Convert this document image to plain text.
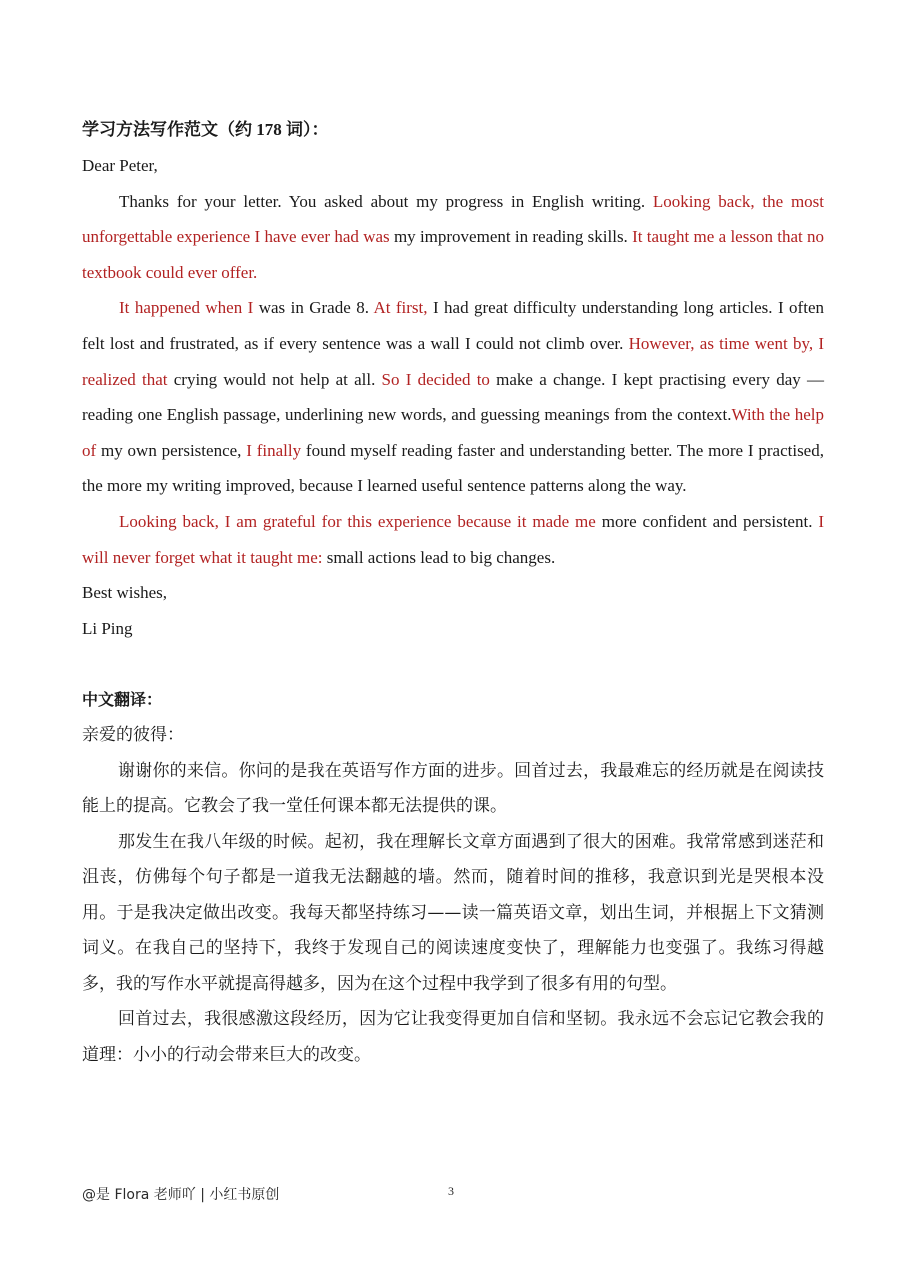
学习方法写作范文（约 178 词）：

Dear Peter,

Thanks for your letter. You asked about my progress in English writing. Looking back, the most unforgettable experience I have ever had was my improvement in reading skills. It taught me a lesson that no textbook could ever offer.

It happened when I was in Grade 8. At first, I had great difficulty understanding long articles. I often felt lost and frustrated, as if every sentence was a wall I could not climb over. However, as time went by, I realized that crying would not help at all. So I decided to make a change. I kept practising every day — reading one English passage, underlining new words, and guessing meanings from the context.With the help of my own persistence, I finally found myself reading faster and understanding better. The more I practised, the more my writing improved, because I learned useful sentence patterns along the way.

Looking back, I am grateful for this experience because it made me more confident and persistent. I will never forget what it taught me: small actions lead to big changes.

Best wishes,

Li Ping

中文翻译：

亲爱的彼得：

谢谢你的来信。你问的是我在英语写作方面的进步。回首过去，我最难忘的经历就是在阅读技能上的提高。它教会了我一堂任何课本都无法提供的课。

那发生在我八年级的时候。起初，我在理解长文章方面遇到了很大的困难。我常常感到迷茫和沮丧，仿佛每个句子都是一道我无法翻越的墙。然而，随着时间的推移，我意识到光是哭根本没用。于是我决定做出改变。我每天都坚持练习——读一篇英语文章，划出生词，并根据上下文猜测词义。在我自己的坚持下，我终于发现自己的阅读速度变快了，理解能力也变强了。我练习得越多，我的写作水平就提高得越多，因为在这个过程中我学到了很多有用的句型。

回首过去，我很感激这段经历，因为它让我变得更加自信和坚韧。我永远不会忘记它教会我的道理：小小的行动会带来巨大的改变。

@是 Flora 老师吖 | 小红书原创	3
